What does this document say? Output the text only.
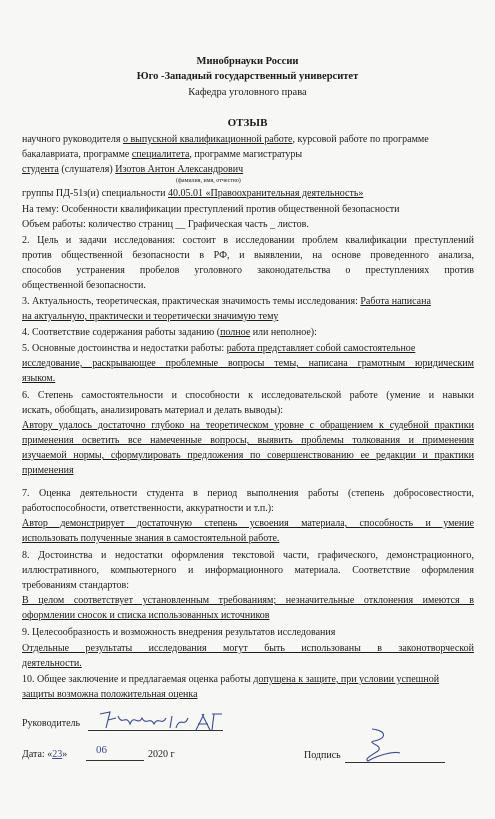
Минобрнауки России
Юго -Западный государственный университет
Кафедра уголовного права
ОТЗЫВ
научного руководителя о выпускной квалификационной работе, курсовой работе по программе
бакалавриата, программе специалитета, программе магистратуры
студента (слушателя) Изотов Антон Александрович
(фамилия, имя, отчество)
группы ПД-51з(и) специальности 40.05.01 «Правоохранительная деятельность»
На тему: Особенности квалификации преступлений против общественной безопасности
Объем работы: количество страниц __ Графическая часть _ листов.
2. Цель и задачи исследования: состоит в исследовании проблем квалификации преступлений
против общественной безопасности в РФ, и выявлении, на основе проведенного анализа,
способов устранения пробелов уголовного законодательства о преступлениях против
общественной безопасности.
3. Актуальность, теоретическая, практическая значимость темы исследования: Работа написана
на актуальную, практически и теоретически значимую тему
4. Соответствие содержания работы заданию (полное или неполное):
5. Основные достоинства и недостатки работы: работа представляет собой самостоятельное
исследование, раскрывающее проблемные вопросы темы, написана грамотным юридическим
языком.
6. Степень самостоятельности и способности к исследовательской работе (умение и навыки
искать, обобщать, анализировать материал и делать выводы):
Автору удалось достаточно глубоко на теоретическом уровне с обращением к судебной практики
применения осветить все намеченные вопросы, выявить проблемы толкования и применения
изучаемой нормы, сформулировать предложения по совершенствованию ее редакции и практики
применения
7. Оценка деятельности студента в период выполнения работы (степень добросовестности,
работоспособности, ответственности, аккуратности и т.п.):
Автор демонстрирует достаточную степень усвоения материала, способность и умение
использовать полученные знания в самостоятельной работе.
8. Достоинства и недостатки оформления текстовой части, графического, демонстрационного,
иллюстративного, компьютерного и информационного материала. Соответствие оформления
требованиям стандартов:
В целом соответствует установленным требованиям; незначительные отклонения имеются в
оформлении сносок и списка использованных источников
9. Целесообразность и возможность внедрения результатов исследования
Отдельные результаты исследования могут быть использованы в законотворческой
деятельности.
10. Общее заключение и предлагаемая оценка работы допущена к защите, при условии успешной
защиты возможна положительная оценка
Руководитель
Дата: «23»	06	2020 г	Подпись
